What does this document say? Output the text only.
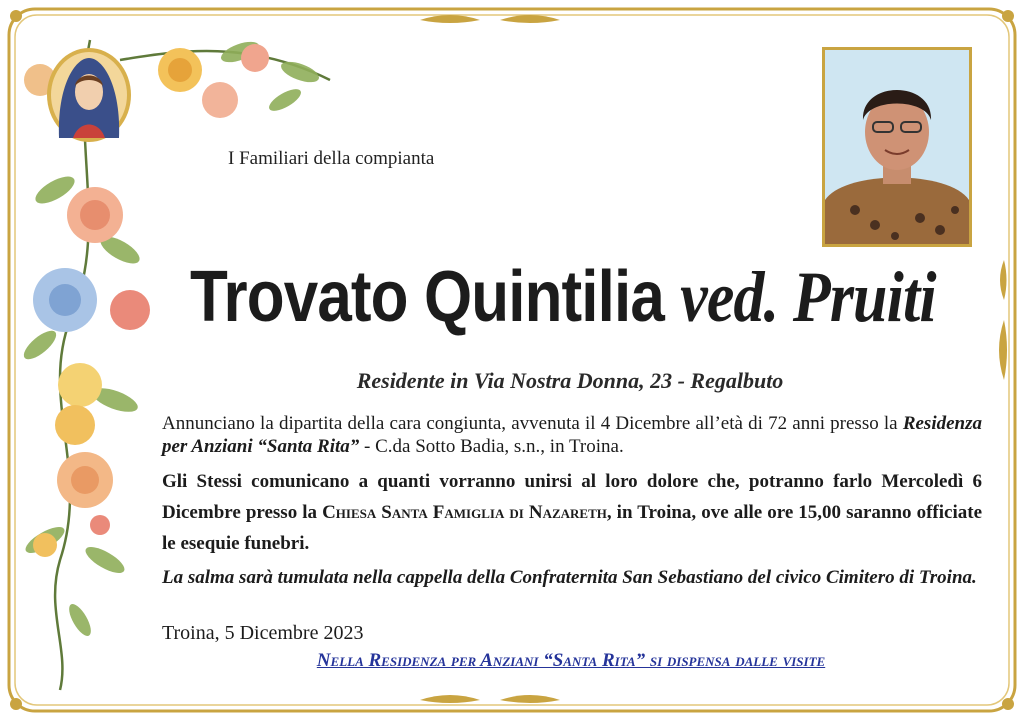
I Familiari della compianta
Trovato Quintilia ved. Pruiti
Residente in Via Nostra Donna, 23 - Regalbuto

Annunciano la dipartita della cara congiunta, avvenuta il 4 Dicembre all’età di 72 anni presso la Residenza per Anziani “Santa Rita” - C.da Sotto Badia, s.n., in Troina.

Gli Stessi comunicano a quanti vorranno unirsi al loro dolore che, potranno farlo Mercoledì 6 Dicembre presso la Chiesa Santa Famiglia di Nazareth, in Troina, ove alle ore 15,00 saranno officiate le esequie funebri.

La salma sarà tumulata nella cappella della Confraternita San Sebastiano del civico Cimitero di Troina.

Troina, 5 Dicembre 2023
Nella Residenza per Anziani “Santa Rita” si dispensa dalle visite
